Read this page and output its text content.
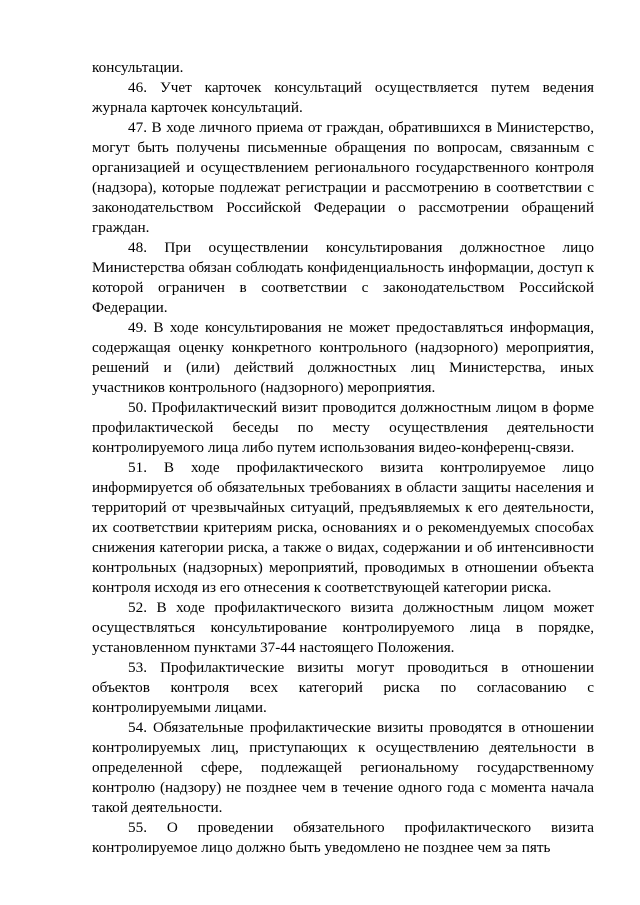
консультации.

46. Учет карточек консультаций осуществляется путем ведения журнала карточек консультаций.

47. В ходе личного приема от граждан, обратившихся в Министерство, могут быть получены письменные обращения по вопросам, связанным с организацией и осуществлением регионального государственного контроля (надзора), которые подлежат регистрации и рассмотрению в соответствии с законодательством Российской Федерации о рассмотрении обращений граждан.

48. При осуществлении консультирования должностное лицо Министерства обязан соблюдать конфиденциальность информации, доступ к которой ограничен в соответствии с законодательством Российской Федерации.

49. В ходе консультирования не может предоставляться информация, содержащая оценку конкретного контрольного (надзорного) мероприятия, решений и (или) действий должностных лиц Министерства, иных участников контрольного (надзорного) мероприятия.

50. Профилактический визит проводится должностным лицом в форме профилактической беседы по месту осуществления деятельности контролируемого лица либо путем использования видео-конференц-связи.

51. В ходе профилактического визита контролируемое лицо информируется об обязательных требованиях в области защиты населения и территорий от чрезвычайных ситуаций, предъявляемых к его деятельности, их соответствии критериям риска, основаниях и о рекомендуемых способах снижения категории риска, а также о видах, содержании и об интенсивности контрольных (надзорных) мероприятий, проводимых в отношении объекта контроля исходя из его отнесения к соответствующей категории риска.

52. В ходе профилактического визита должностным лицом может осуществляться консультирование контролируемого лица в порядке, установленном пунктами 37-44 настоящего Положения.

53. Профилактические визиты могут проводиться в отношении объектов контроля всех категорий риска по согласованию с контролируемыми лицами.

54. Обязательные профилактические визиты проводятся в отношении контролируемых лиц, приступающих к осуществлению деятельности в определенной сфере, подлежащей региональному государственному контролю (надзору) не позднее чем в течение одного года с момента начала такой деятельности.

55. О проведении обязательного профилактического визита контролируемое лицо должно быть уведомлено не позднее чем за пять
